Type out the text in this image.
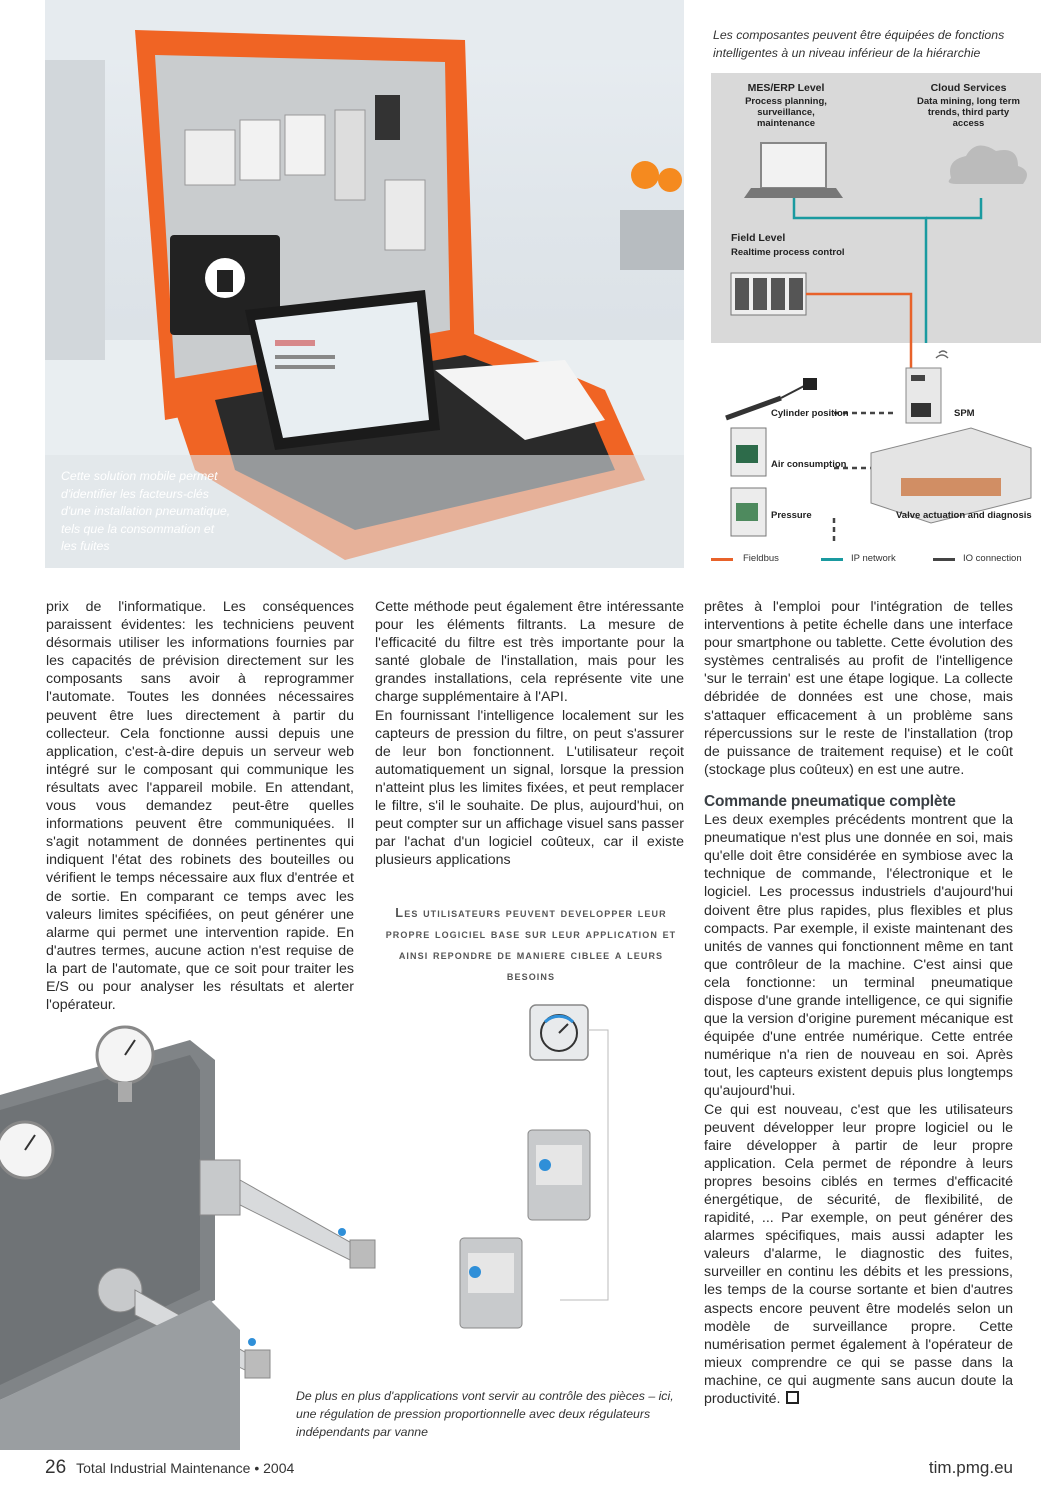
Cette solution mobile permet d'identifier les facteurs-clés d'une installation pneumatique, tels que la consommation et les fuites
Les composantes peuvent être équipées de fonctions intelligentes à un niveau inférieur de la hiérarchie
MES/ERP Level
Process planning, surveillance, maintenance
Cloud Services
Data mining, long term trends, third party access
Field Level
Realtime process control
Cylinder position
Air consumption
Pressure
SPM
Valve actuation and diagnosis
Fieldbus	IP network	IO connection

prix de l'informatique. Les conséquences paraissent évidentes: les techniciens peuvent désormais utiliser les informations fournies par les capacités de prévision directement sur les composants sans avoir à reprogrammer l'automate. Toutes les données nécessaires peuvent être lues directement à partir du collecteur. Cela fonctionne aussi depuis une application, c'est-à-dire depuis un serveur web intégré sur le composant qui communique les résultats avec l'appareil mobile. En attendant, vous vous demandez peut-être quelles informations peuvent être communiquées. Il s'agit notamment de données pertinentes qui indiquent l'état des robinets des bouteilles ou vérifient le temps nécessaire aux flux d'entrée et de sortie. En comparant ce temps avec les valeurs limites spécifiées, on peut générer une alarme qui permet une intervention rapide. En d'autres termes, aucune action n'est requise de la part de l'automate, que ce soit pour traiter les E/S ou pour analyser les résultats et alerter l'opérateur.

Cette méthode peut également être intéressante pour les éléments filtrants. La mesure de l'efficacité du filtre est très importante pour la santé globale de l'installation, mais pour les grandes installations, cela représente vite une charge supplémentaire à l'API.

En fournissant l'intelligence localement sur les capteurs de pression du filtre, on peut s'assurer de leur bon fonctionnent. L'utilisateur reçoit automatiquement un signal, lorsque la pression n'atteint plus les limites fixées, et peut remplacer le filtre, s'il le souhaite. De plus, aujourd'hui, on peut compter sur un affichage visuel sans passer par l'achat d'un logiciel coûteux, car il existe plusieurs applications

Les utilisateurs peuvent developper leur propre logiciel base sur leur application et ainsi repondre de maniere ciblee a leurs besoins

prêtes à l'emploi pour l'intégration de telles interventions à petite échelle dans une interface pour smartphone ou tablette. Cette évolution des systèmes centralisés au profit de l'intelligence 'sur le terrain' est une étape logique. La collecte débridée de données est une chose, mais s'attaquer efficacement à un problème sans répercussions sur le reste de l'installation (trop de puissance de traitement requise) et le coût (stockage plus coûteux) en est une autre.

Commande pneumatique complète

Les deux exemples précédents montrent que la pneumatique n'est plus une donnée en soi, mais qu'elle doit être considérée en symbiose avec la technique de commande, l'électronique et le logiciel. Les processus industriels d'aujourd'hui doivent être plus rapides, plus flexibles et plus compacts. Par exemple, il existe maintenant des unités de vannes qui fonctionnent même en tant que contrôleur de la machine. C'est ainsi que cela fonctionne: un terminal pneumatique dispose d'une grande intelligence, ce qui signifie que la version d'origine purement mécanique est équipée d'une entrée numérique. Cette entrée numérique n'a rien de nouveau en soi. Après tout, les capteurs existent depuis plus longtemps qu'aujourd'hui.

Ce qui est nouveau, c'est que les utilisateurs peuvent développer leur propre logiciel ou le faire développer à partir de leur propre application. Cela permet de répondre à leurs propres besoins ciblés en termes d'efficacité énergétique, de sécurité, de flexibilité, de rapidité, ... Par exemple, on peut générer des alarmes spécifiques, mais aussi adapter les valeurs d'alarme, le diagnostic des fuites, surveiller en continu les débits et les pressions, les temps de la course sortante et bien d'autres aspects encore peuvent être modelés selon un modèle de surveillance propre. Cette numérisation permet également à l'opérateur de mieux comprendre ce qui se passe dans la machine, ce qui augmente sans aucun doute la productivité.

De plus en plus d'applications vont servir au contrôle des pièces – ici, une régulation de pression proportionnelle avec deux régulateurs indépendants par vanne
26 Total Industrial Maintenance • 2004	tim.pmg.eu
